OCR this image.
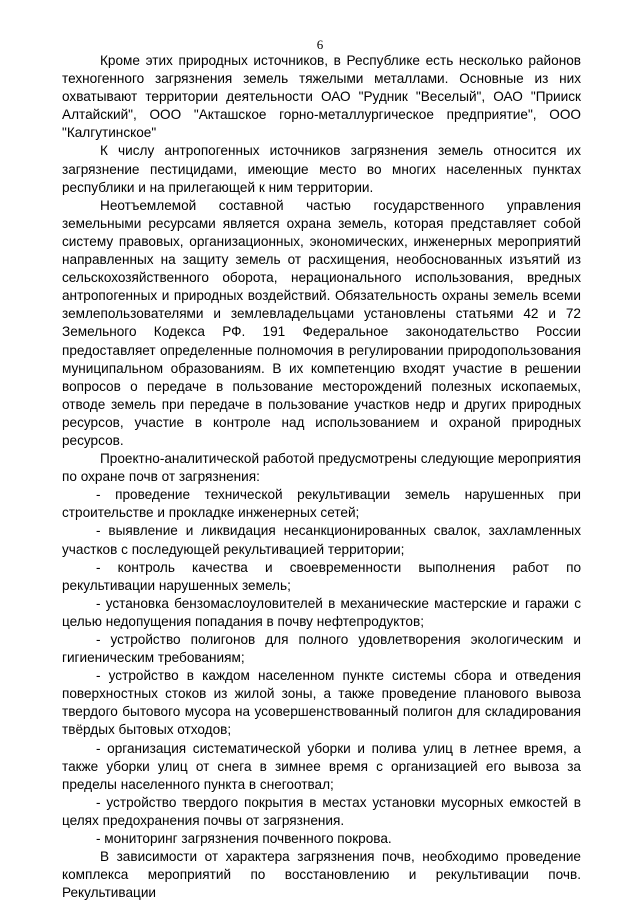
6

Кроме этих природных источников, в Республике есть несколько районов техногенного загрязнения земель тяжелыми металлами. Основные из них охватывают территории деятельности ОАО "Рудник "Веселый", ОАО "Прииск Алтайский", ООО "Акташское горно-металлургическое предприятие", ООО "Калгутинское"

К числу антропогенных источников загрязнения земель относится их загрязнение пестицидами, имеющие место во многих населенных пунктах республики и на прилегающей к ним территории.

Неотъемлемой составной частью государственного управления земельными ресурсами является охрана земель, которая представляет собой систему правовых, организационных, экономических, инженерных мероприятий направленных на защиту земель от расхищения, необоснованных изъятий из сельскохозяйственного оборота, нерационального использования, вредных антропогенных и природных воздействий. Обязательность охраны земель всеми землепользователями и землевладельцами установлены статьями 42 и 72 Земельного Кодекса РФ. 191 Федеральное законодательство России предоставляет определенные полномочия в регулировании природопользования муниципальном образованиям. В их компетенцию входят участие в решении вопросов о передаче в пользование месторождений полезных ископаемых, отводе земель при передаче в пользование участков недр и других природных ресурсов, участие в контроле над использованием и охраной природных ресурсов.

Проектно-аналитической работой предусмотрены следующие мероприятия по охране почв от загрязнения:

- проведение технической рекультивации земель нарушенных при строительстве и прокладке инженерных сетей;

- выявление и ликвидация несанкционированных свалок, захламленных участков с последующей рекультивацией территории;

- контроль качества и своевременности выполнения работ по рекультивации нарушенных земель;

- установка бензомаслоуловителей в механические мастерские и гаражи с целью недопущения попадания в почву нефтепродуктов;

- устройство полигонов для полного удовлетворения экологическим и гигиеническим требованиям;

- устройство в каждом населенном пункте системы сбора и отведения поверхностных стоков из жилой зоны, а также проведение планового вывоза твердого бытового мусора на усовершенствованный полигон для складирования твёрдых бытовых отходов;

- организация систематической уборки и полива улиц в летнее время, а также уборки улиц от снега в зимнее время с организацией его вывоза за пределы населенного пункта в снегоотвал;

- устройство твердого покрытия в местах установки мусорных емкостей в целях предохранения почвы от загрязнения.

- мониторинг загрязнения почвенного покрова.

В зависимости от характера загрязнения почв, необходимо проведение комплекса мероприятий по восстановлению и рекультивации почв. Рекультивации
